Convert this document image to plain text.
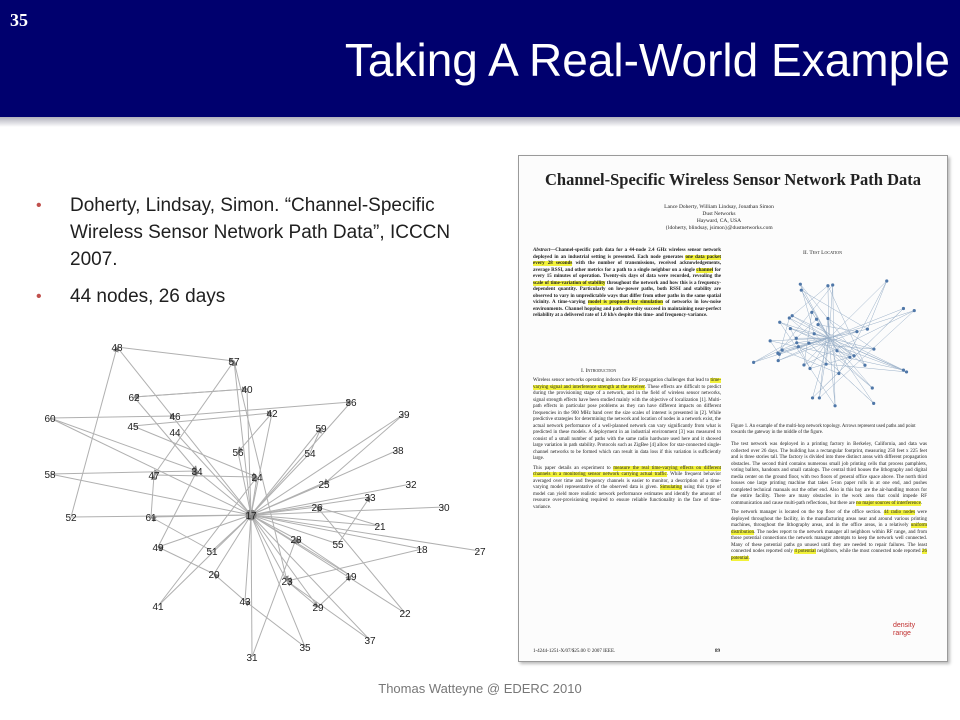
35
Taking A Real-World Example
• Doherty, Lindsay, Simon. “Channel-Specific Wireless Sensor Network Path Data”, ICCCN 2007.
• 44 nodes, 26 days
48
57
62
40
36
60	46	42	39
45
44	59
56	54	38
58	47	34
24
25	32
33
26	30
52	61	17
21
28	55
27
49	51	18
20
23	19
43
41	29
22
37
35
31
Channel-Specific Wireless Sensor Network Path Data
Lance Doherty, William Lindsay, Jonathan Simon
Dust Networks
Hayward, CA, USA
{ldoherty, blindsay, jsimon}@dustnetworks.com
Abstract—Channel-specific path data for a 44-node 2.4 GHz wireless sensor network deployed in an industrial setting is presented. Each node generates one data packet every 28 seconds with the number of transmissions, received acknowledgements, average RSSI, and other metrics for a path to a single neighbor on a single channel for every 15 minutes of operation. Twenty-six days of data were recorded, revealing the scale of time-variation of stability throughout the network and how this is a frequency-dependent quantity. Particularly on low-power paths, both RSSI and stability are observed to vary in unpredictable ways that differ from other paths in the same spatial vicinity. A time-varying model is proposed for simulation of networks in low-noise environments. Channel hopping and path diversity succeed in maintaining near-perfect reliability at a delivered rate of 1.0 kb/s despite this time- and frequency-variance.
I. Introduction

Wireless sensor networks operating indoors face RF propagation challenges that lead to time-varying signal and interference strength at the receiver. These effects are difficult to predict during the provisioning stage of a network, and in the field of wireless sensor networks, signal strength effects have been studied mainly with the objective of localization [1]. Multi-path effects in particular pose problems as they can have different impacts on different frequencies in the 900 MHz band over the size scales of interest is presented in [2]. While predictive strategies for determining the network and location of nodes in a network exist, the actual network performance of a well-planned network can vary significantly from what is predicted in these models. A deployment in an industrial environment [3] was measured to consist of a small number of paths with the same radio hardware used here and it showed large variation in path stability. Protocols such as ZigBee [4] allow for star-connected single-channel networks to be formed which can result in data loss if this variation is sufficiently large.

This paper details an experiment to measure the real time-varying effects on different channels in a monitoring sensor network carrying actual traffic. While frequent behavior averaged over time and frequency channels is easier to monitor, a description of a time-varying model representative of the observed data is given. Simulating using this type of model can yield more realistic network performance estimates and identify the amount of resource over-provisioning required to ensure reliable functionality in the face of time-variance.

II. Test Location
Figure 1. An example of the multi-hop network topology. Arrows represent used paths and point towards the gateway in the middle of the figure.

The test network was deployed in a printing factory in Berkeley, California, and data was collected over 26 days. The building has a rectangular footprint, measuring 250 feet x 225 feet and is three stories tall. The factory is divided into three distinct areas with different propagation obstacles. The second third contains numerous small job printing cells that process pamphlets, voting ballots, handouts and small catalogs. The central third houses the lithography and digital media center on the ground floor, with two floors of general office space above. The north third houses one large printing machine that takes 5-ton paper rolls in at one end, and pushes completed technical manuals out the other end. Also in this bay are the air-handling motors for the entire facility. There are many obstacles in the work area that could impede RF communication and cause multi-path reflections, but there are no major sources of interference.

The network manager is located on the top floor of the office section. 44 radio nodes were deployed throughout the facility, in the manufacturing areas near and around various printing machines, throughout the lithography areas, and in the office areas, in a relatively uniform distribution. The nodes report to the network manager all neighbors within RF range, and from those potential connections the network manager attempts to keep the network well connected. Many of these potential paths go unused until they are needed to repair failures. The least connected nodes reported only 4 potential neighbors, while the most connected node reported 26 potential.

density range
1-4244-1251-X/07/$25.00 © 2007 IEEE.	89
Thomas Watteyne @ EDERC 2010
